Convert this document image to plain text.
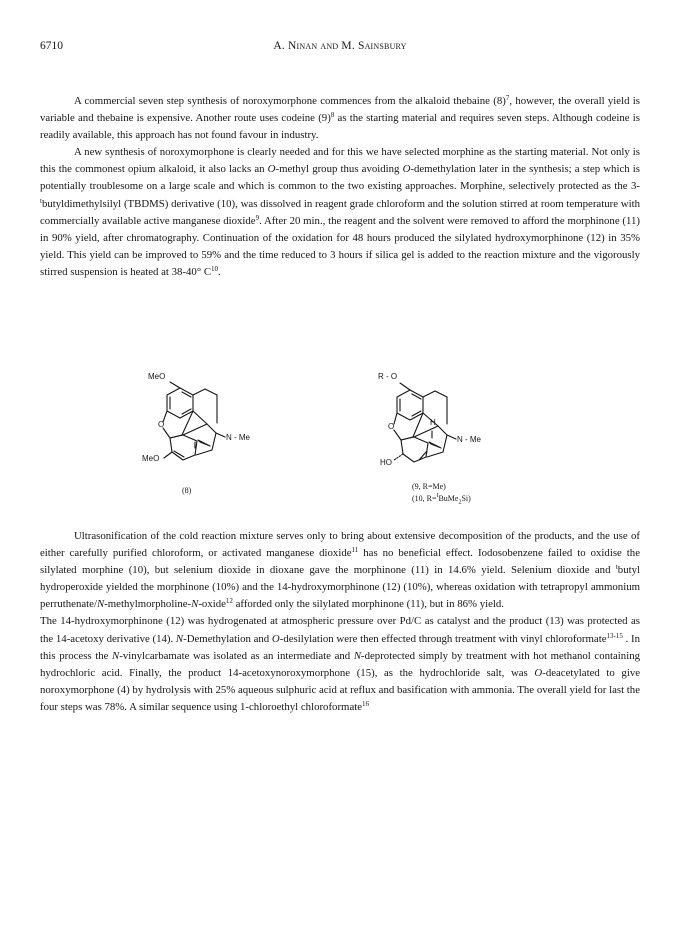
6710	A. Ninan and M. Sainsbury

A commercial seven step synthesis of noroxymorphone commences from the alkaloid thebaine $(8)^7$, however, the overall yield is variable and thebaine is expensive. Another route uses codeine $(9)^8$ as the starting material and requires seven steps. Although codeine is readily available, this approach has not found favour in industry.

A new synthesis of noroxymorphone is clearly needed and for this we have selected morphine as the starting material. Not only is this the commonest opium alkaloid, it also lacks an O-methyl group thus avoiding O-demethylation later in the synthesis; a step which is potentially troublesome on a large scale and which is common to the two existing approaches. Morphine, selectively protected as the 3-$^t$butyldimethylsilyl (TBDMS) derivative (10), was dissolved in reagent grade chloroform and the solution stirred at room temperature with commercially available active manganese dioxide$^9$. After 20 min., the reagent and the solvent were removed to afford the morphinone (11) in 90% yield, after chromatography. Continuation of the oxidation for 48 hours produced the silylated hydroxymorphinone (12) in 35% yield. This yield can be improved to 59% and the time reduced to 3 hours if silica gel is added to the reaction mixture and the vigorously stirred suspension is heated at 38-40° $C^{10}$.

MeO
O
N - Me
MeO
(8)
R - O
O	H
N - Me
HO
(9, R=Me)
(10, R=$^t$BuMe$_2$Si)

Ultrasonification of the cold reaction mixture serves only to bring about extensive decomposition of the products, and the use of either carefully purified chloroform, or activated manganese dioxide$^{11}$ has no beneficial effect. Iodosobenzene failed to oxidise the silylated morphine (10), but selenium dioxide in dioxane gave the morphinone (11) in 14.6% yield. Selenium dioxide and $^t$butyl hydroperoxide yielded the morphinone (10%) and the 14-hydroxymorphinone (12) (10%), whereas oxidation with tetrapropyl ammonium perruthenate/N-methylmorpholine-N-oxide$^{12}$ afforded only the silylated morphinone (11), but in 86% yield.

The 14-hydroxymorphinone (12) was hydrogenated at atmospheric pressure over Pd/C as catalyst and the product (13) was protected as the 14-acetoxy derivative (14). N-Demethylation and O-desilylation were then effected through treatment with vinyl chloroformate$^{13-15}$ . In this process the N-vinylcarbamate was isolated as an intermediate and N-deprotected simply by treatment with hot methanol containing hydrochloric acid. Finally, the product 14-acetoxynoroxymorphone (15), as the hydrochloride salt, was O-deacetylated to give noroxymorphone (4) by hydrolysis with 25% aqueous sulphuric acid at reflux and basification with ammonia. The overall yield for last the four steps was 78%. A similar sequence using 1-chloroethyl chloroformate$^{16}$
